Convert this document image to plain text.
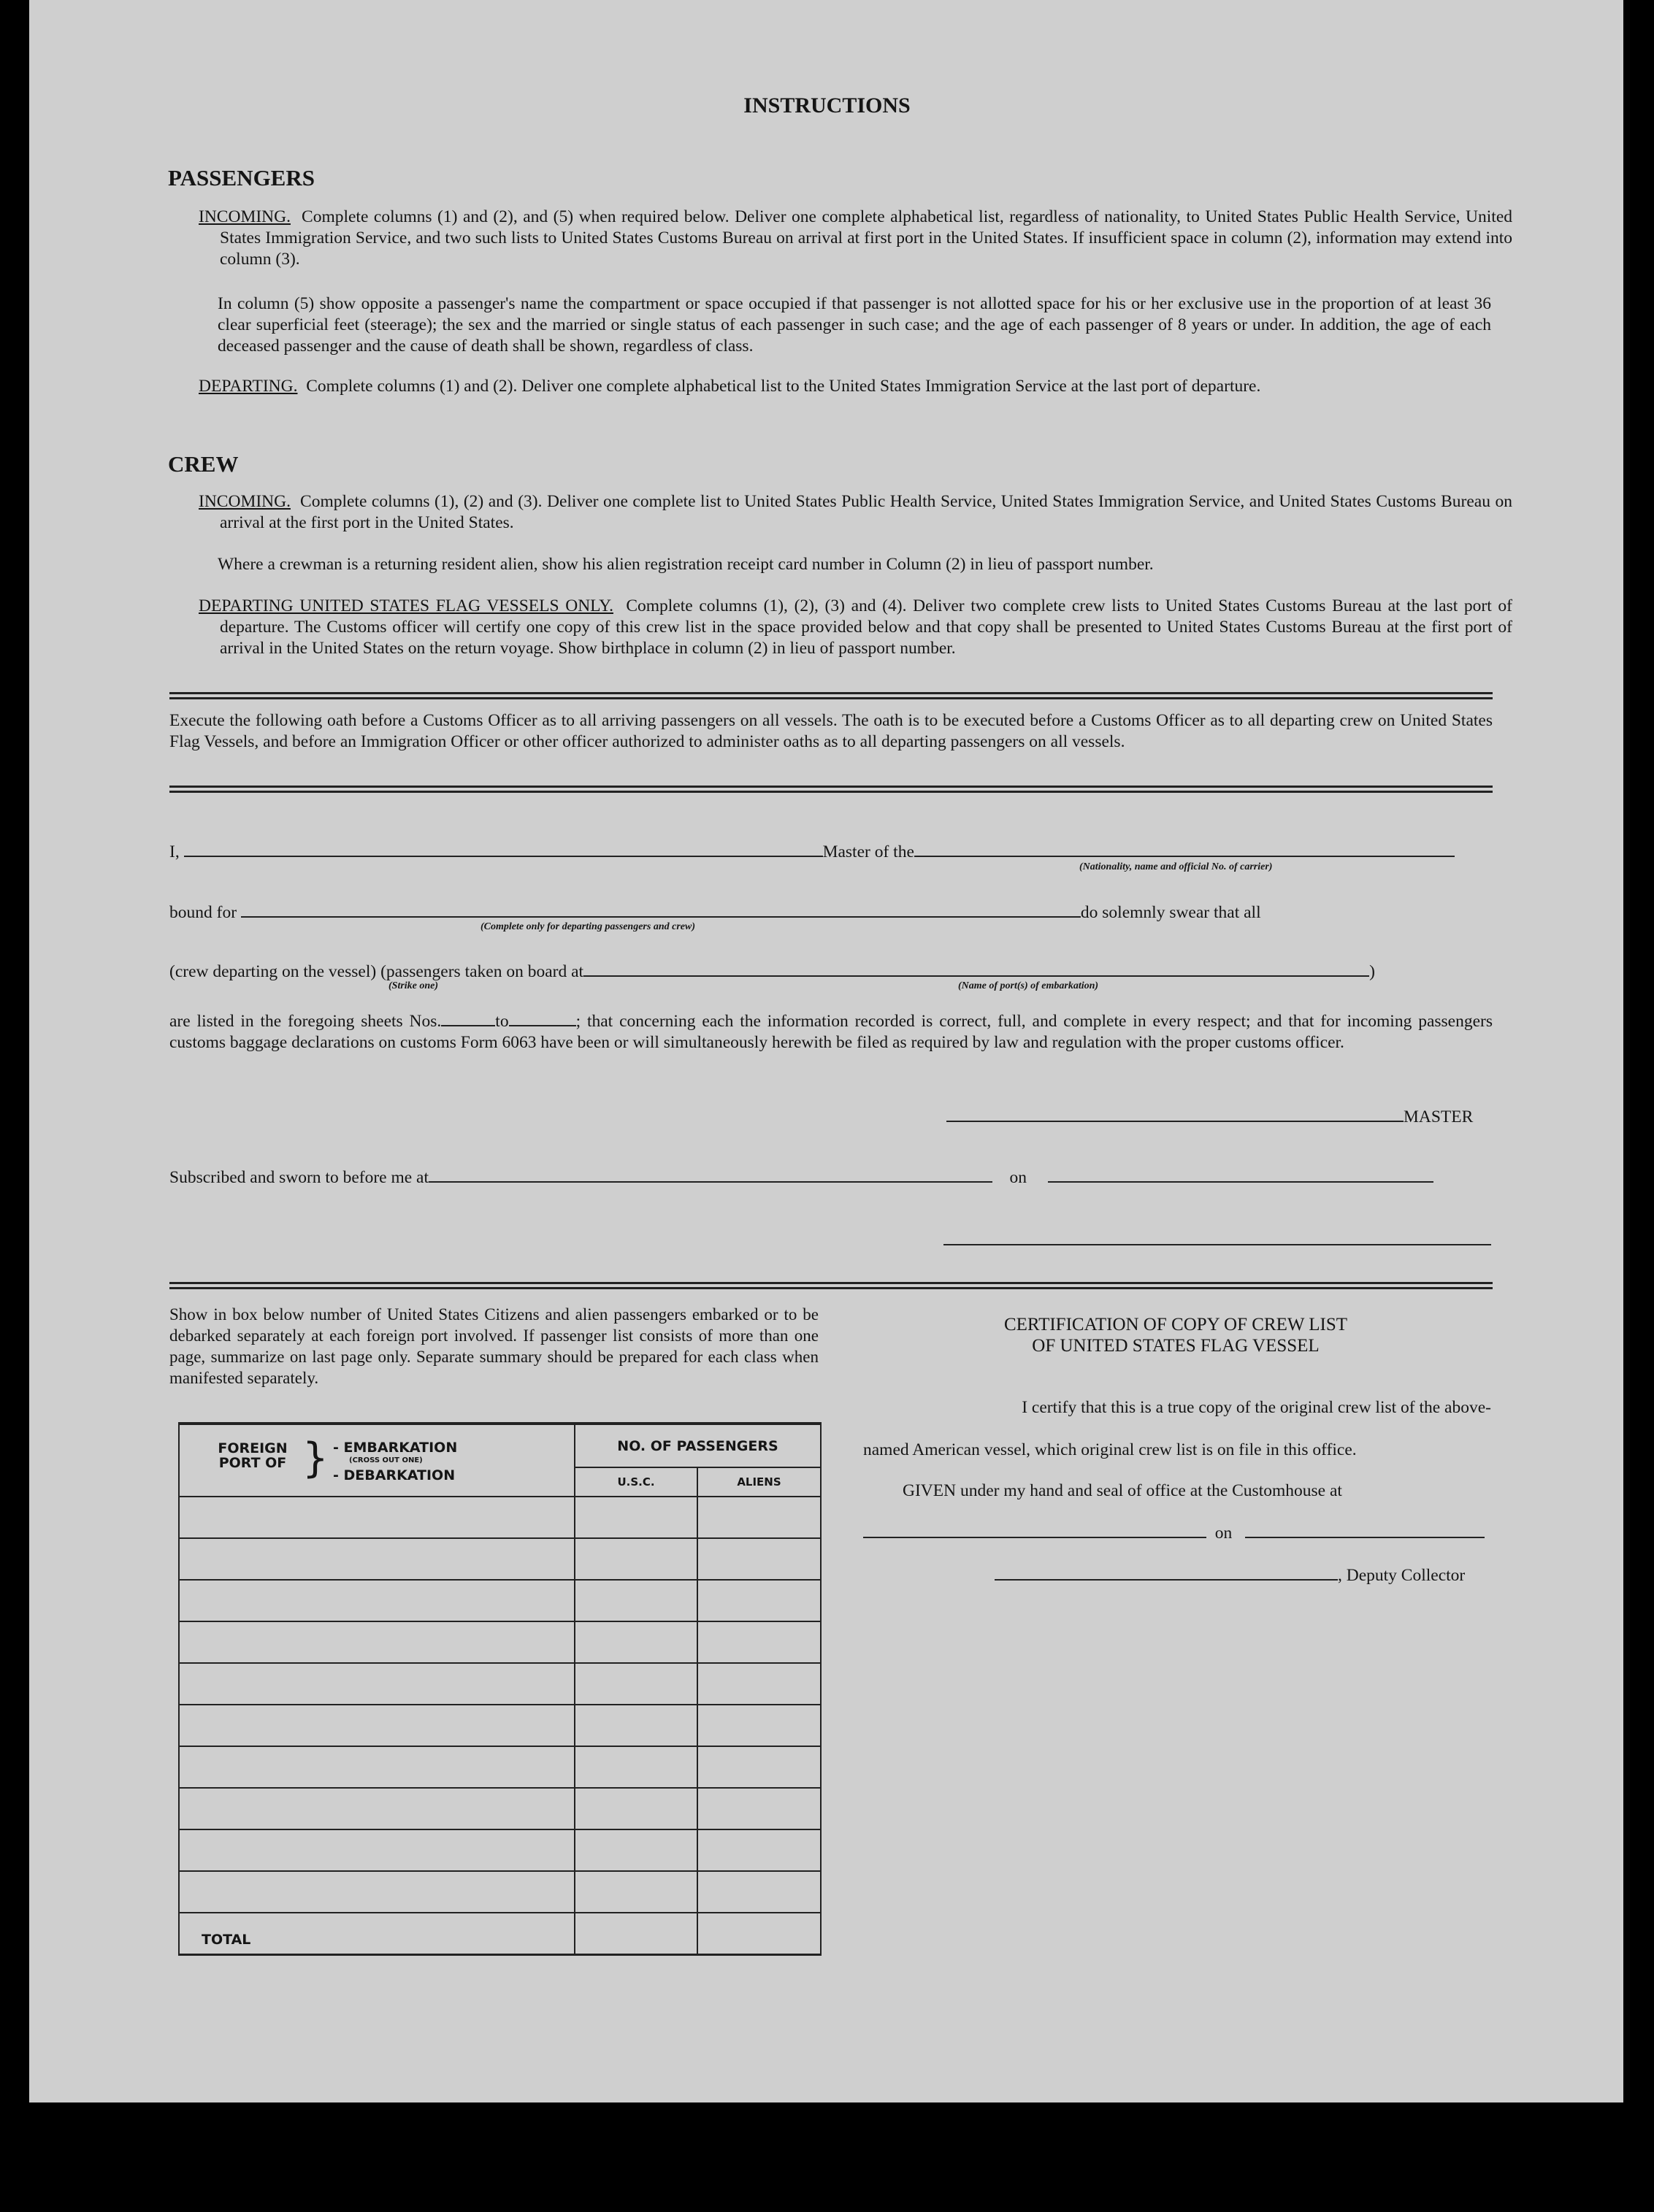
INSTRUCTIONS
PASSENGERS
INCOMING. Complete columns (1) and (2), and (5) when required below. Deliver one complete alphabetical list, regardless of nationality, to United States Public Health Service, United States Immigration Service, and two such lists to United States Customs Bureau on arrival at first port in the United States. If insufficient space in column (2), information may extend into column (3).
In column (5) show opposite a passenger's name the compartment or space occupied if that passenger is not allotted space for his or her exclusive use in the proportion of at least 36 clear superficial feet (steerage); the sex and the married or single status of each passenger in such case; and the age of each passenger of 8 years or under. In addition, the age of each deceased passenger and the cause of death shall be shown, regardless of class.
DEPARTING. Complete columns (1) and (2). Deliver one complete alphabetical list to the United States Immigration Service at the last port of departure.
CREW
INCOMING. Complete columns (1), (2) and (3). Deliver one complete list to United States Public Health Service, United States Immigration Service, and United States Customs Bureau on arrival at the first port in the United States.
Where a crewman is a returning resident alien, show his alien registration receipt card number in Column (2) in lieu of passport number.
DEPARTING UNITED STATES FLAG VESSELS ONLY. Complete columns (1), (2), (3) and (4). Deliver two complete crew lists to United States Customs Bureau at the last port of departure. The Customs officer will certify one copy of this crew list in the space provided below and that copy shall be presented to United States Customs Bureau at the first port of arrival in the United States on the return voyage. Show birthplace in column (2) in lieu of passport number.
Execute the following oath before a Customs Officer as to all arriving passengers on all vessels. The oath is to be executed before a Customs Officer as to all departing crew on United States Flag Vessels, and before an Immigration Officer or other officer authorized to administer oaths as to all departing passengers on all vessels.
I,	Master of the
(Nationality, name and official No. of carrier)
bound for	do solemnly swear that all
(Complete only for departing passengers and crew)
(crew departing on the vessel) (passengers taken on board at	)
(Strike one)	(Name of port(s) of embarkation)
are listed in the foregoing sheets Nos.	to	; that concerning each the information recorded is correct, full, and complete in every respect; and that for incoming passengers customs baggage declarations on customs Form 6063 have been or will simultaneously herewith be filed as required by law and regulation with the proper customs officer.
MASTER
Subscribed and sworn to before me at	on
Show in box below number of United States Citizens and alien passengers embarked or to be debarked separately at each foreign port involved. If passenger list consists of more than one page, summarize on last page only. Separate summary should be prepared for each class when manifested separately.
FOREIGN PORT OF } - EMBARKATION
(CROSS OUT ONE)
- DEBARKATION	NO. OF PASSENGERS	
	U.S.C.	ALIENS

TOTAL		
CERTIFICATION OF COPY OF CREW LIST
OF UNITED STATES FLAG VESSEL
I certify that this is a true copy of the original crew list of the above-
named American vessel, which original crew list is on file in this office.
GIVEN under my hand and seal of office at the Customhouse at
on
, Deputy Collector
